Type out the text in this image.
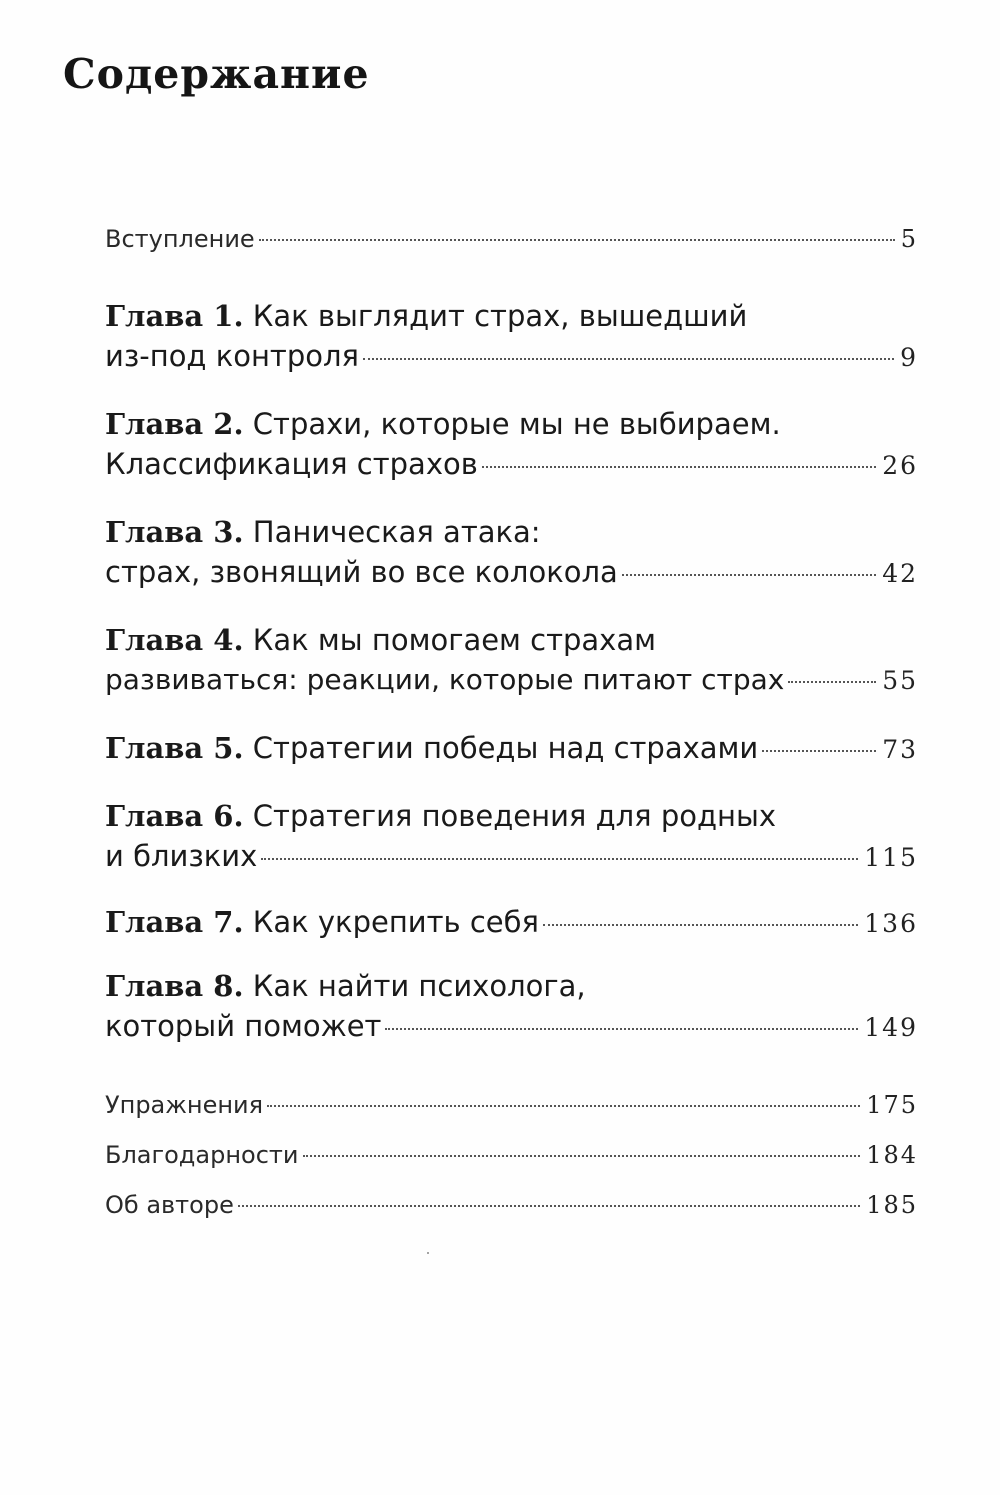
Содержание
Вступление	5
Глава 1. Как выглядит страх, вышедший
из-под контроля	9
Глава 2. Страхи, которые мы не выбираем.
Классификация страхов	26
Глава 3. Паническая атака:
страх, звонящий во все колокола	42
Глава 4. Как мы помогаем страхам
развиваться: реакции, которые питают страх	55
Глава 5.
Стратегии победы над страхами	73
Глава 6. Стратегия поведения для родных
и близких	115
Глава 7.
Как укрепить себя	136
Глава 8. Как найти психолога,
который поможет	149
Упражнения	175
Благодарности	184
Об авторе	185
